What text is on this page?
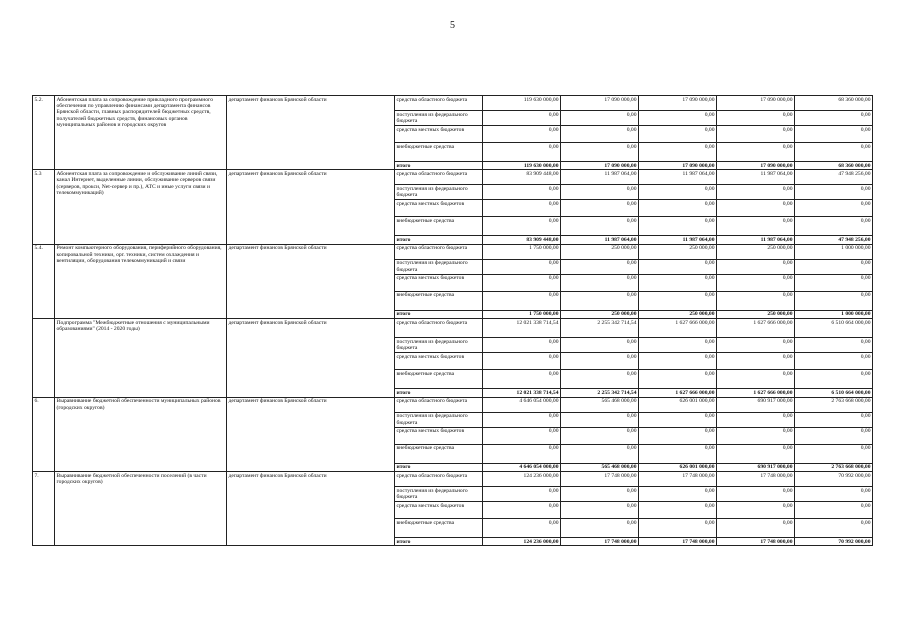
5
5.2.	Абонентская плата за сопровождение прикладного программного обеспечения по управлению финансами департамента финансов Брянской области, главных распорядителей бюджетных средств, получателей бюджетных средств, финансовых органов муниципальных районов и городских округов	департамент финансов Брянской области	средства областного бюджета	119 630 000,00	17 090 000,00	17 090 000,00	17 090 000,00	68 360 000,00
			поступления из федерального бюджета	0,00	0,00	0,00	0,00	0,00
			средства местных бюджетов	0,00	0,00	0,00	0,00	0,00
			внебюджетные средства	0,00	0,00	0,00	0,00	0,00
			итого	119 630 000,00	17 090 000,00	17 090 000,00	17 090 000,00	68 360 000,00
5.3	Абонентская плата за сопровождение и обслуживание линий связи, канал Интернет, выделенные линии, обслуживание серверов связи (серверов, прокси, Net-сервер и пр.), АТС и иные услуги связи и телекоммуникаций)	департамент финансов Брянской области	средства областного бюджета	83 909 448,00	11 987 064,00	11 987 064,00	11 987 064,00	47 948 256,00
			поступления из федерального бюджета	0,00	0,00	0,00	0,00	0,00
			средства местных бюджетов	0,00	0,00	0,00	0,00	0,00
			внебюджетные средства	0,00	0,00	0,00	0,00	0,00
			итого	83 909 448,00	11 987 064,00	11 987 064,00	11 987 064,00	47 948 256,00
5.4.	Ремонт компьютерного оборудования, периферийного оборудования, копировальной техники, орг. техники, систем охлаждения и вентиляции, оборудования телекоммуникаций и связи	департамент финансов Брянской области	средства областного бюджета	1 750 000,00	250 000,00	250 000,00	250 000,00	1 000 000,00
			поступления из федерального бюджета	0,00	0,00	0,00	0,00	0,00
			средства местных бюджетов	0,00	0,00	0,00	0,00	0,00
			внебюджетные средства	0,00	0,00	0,00	0,00	0,00
			итого	1 750 000,00	250 000,00	250 000,00	250 000,00	1 000 000,00
	Подпрограмма "Межбюджетные отношения с муниципальными образованиями" (2014 - 2020 годы)	департамент финансов Брянской области	средства областного бюджета	12 021 338 714,54	2 255 342 714,54	1 627 666 000,00	1 627 666 000,00	6 510 664 000,00
			поступления из федерального бюджета	0,00	0,00	0,00	0,00	0,00
			средства местных бюджетов	0,00	0,00	0,00	0,00	0,00
			внебюджетные средства	0,00	0,00	0,00	0,00	0,00
			итого	12 021 338 714,54	2 255 342 714,54	1 627 666 000,00	1 627 666 000,00	6 510 664 000,00
6.	Выравнивание бюджетной обеспеченности муниципальных районов (городских округов)	департамент финансов Брянской области	средства областного бюджета	4 646 054 000,00	565 468 000,00	626 001 000,00	690 917 000,00	2 763 668 000,00
			поступления из федерального бюджета	0,00	0,00	0,00	0,00	0,00
			средства местных бюджетов	0,00	0,00	0,00	0,00	0,00
			внебюджетные средства	0,00	0,00	0,00	0,00	0,00
			итого	4 646 054 000,00	565 468 000,00	626 001 000,00	690 917 000,00	2 763 668 000,00
7.	Выравнивание бюджетной обеспеченности поселений (в части городских округов)	департамент финансов Брянской области	средства областного бюджета	124 236 000,00	17 748 000,00	17 748 000,00	17 748 000,00	70 992 000,00
			поступления из федерального бюджета	0,00	0,00	0,00	0,00	0,00
			средства местных бюджетов	0,00	0,00	0,00	0,00	0,00
			внебюджетные средства	0,00	0,00	0,00	0,00	0,00
			итого	124 236 000,00	17 748 000,00	17 748 000,00	17 748 000,00	70 992 000,00
